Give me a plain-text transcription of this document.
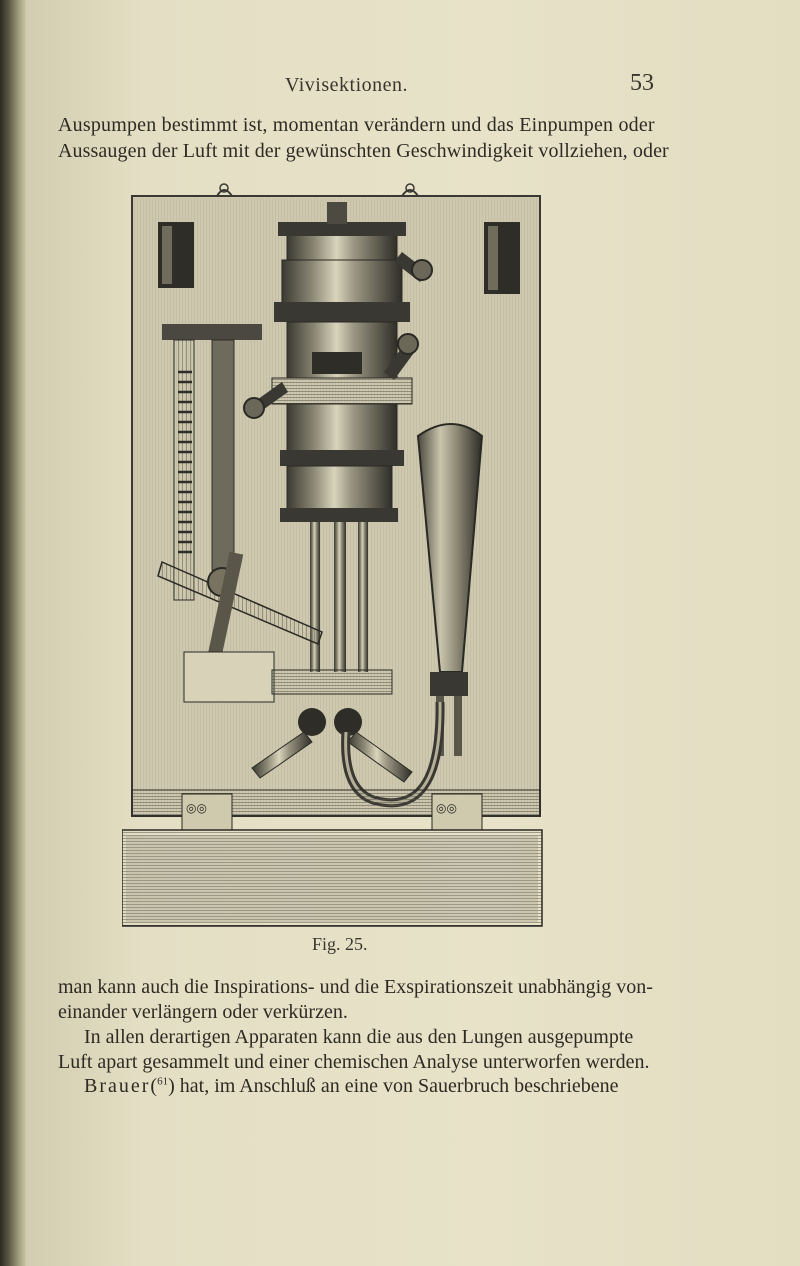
Vivisektionen.	53
Auspumpen bestimmt ist, momentan verändern und das Einpumpen oder
Aussaugen der Luft mit der gewünschten Geschwindigkeit vollziehen, oder
◎◎	◎◎
Fig. 25.
man kann auch die Inspirations- und die Exspirationszeit unabhängig von-
einander verlängern oder verkürzen.
In allen derartigen Apparaten kann die aus den Lungen ausgepumpte
Luft apart gesammelt und einer chemischen Analyse unterworfen werden.
Brauer($^{61}$) hat, im Anschluß an eine von Sauerbruch beschriebene
